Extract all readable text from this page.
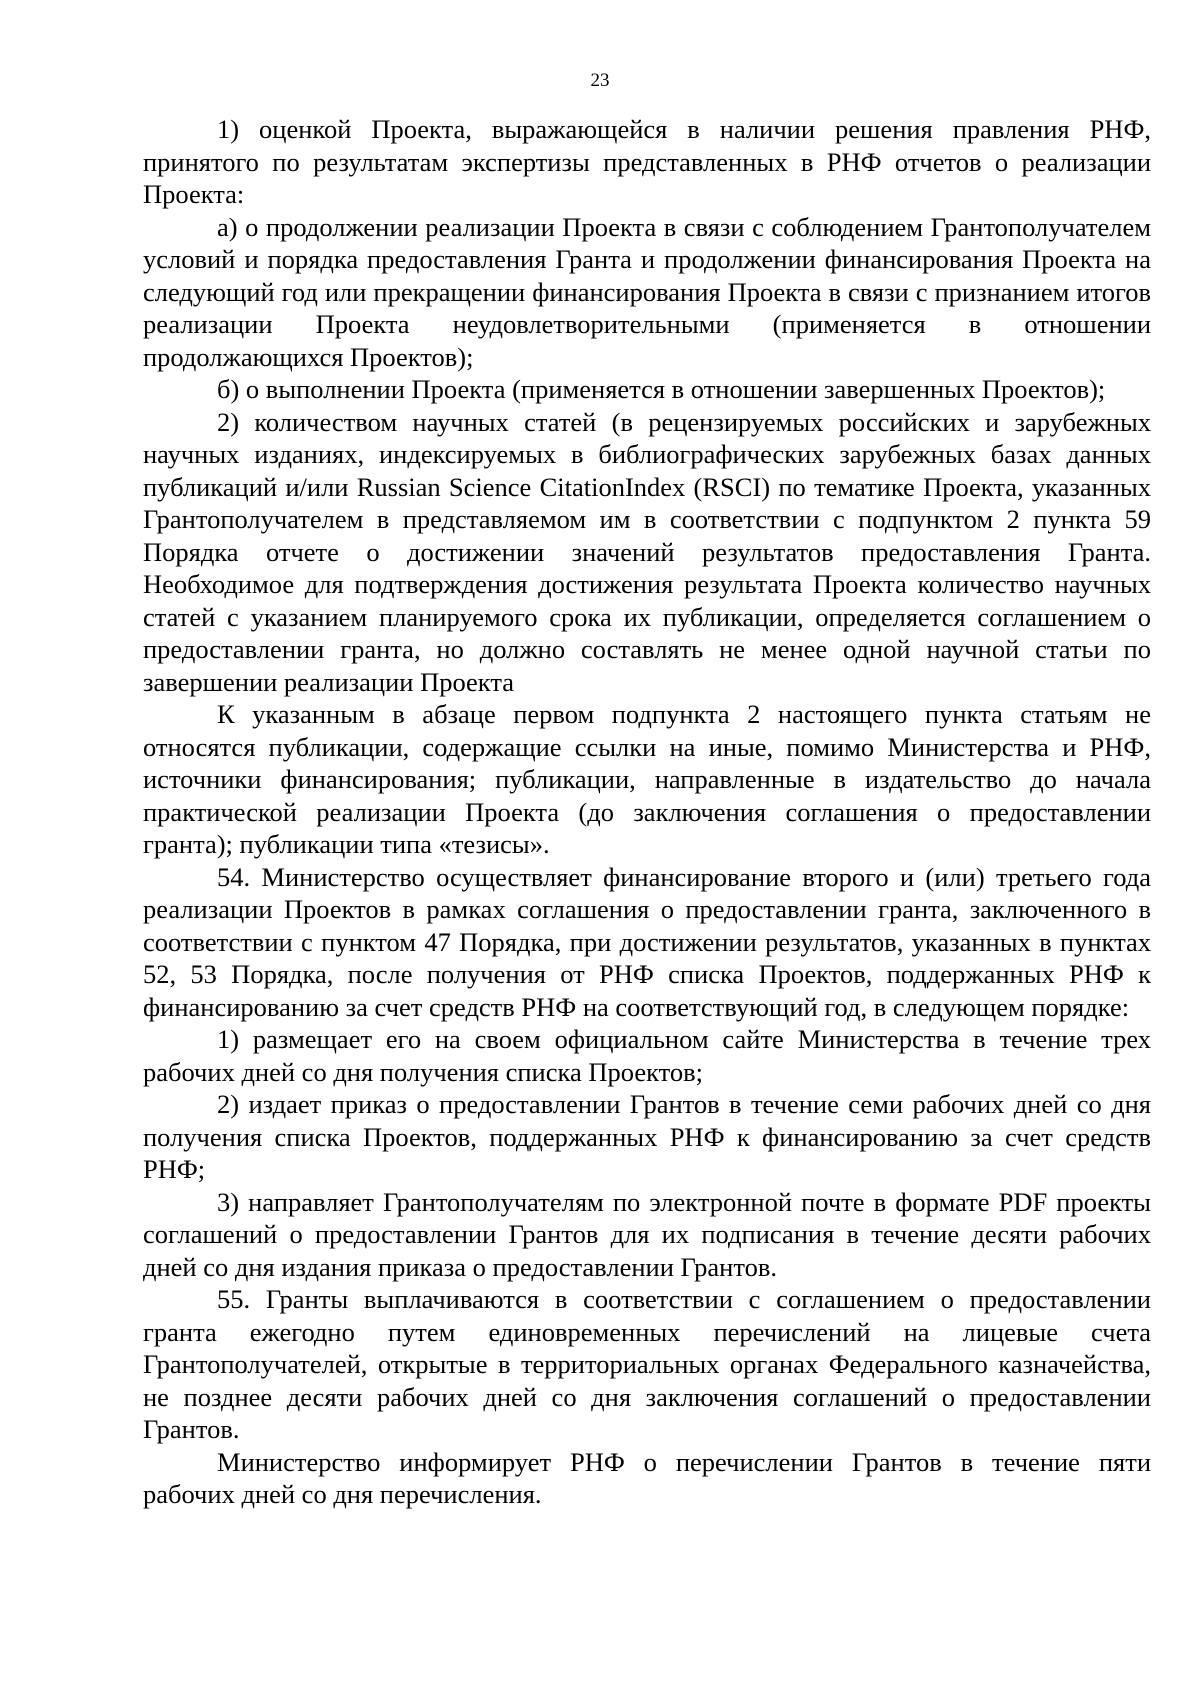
23

1) оценкой Проекта, выражающейся в наличии решения правления РНФ, принятого по результатам экспертизы представленных в РНФ отчетов о реализации Проекта:

а) о продолжении реализации Проекта в связи с соблюдением Грантополучателем условий и порядка предоставления Гранта и продолжении финансирования Проекта на следующий год или прекращении финансирования Проекта в связи с признанием итогов реализации Проекта неудовлетворительными (применяется в отношении продолжающихся Проектов);

б) о выполнении Проекта (применяется в отношении завершенных Проектов);

2) количеством научных статей (в рецензируемых российских и зарубежных научных изданиях, индексируемых в библиографических зарубежных базах данных публикаций и/или Russian Science CitationIndex (RSCI) по тематике Проекта, указанных Грантополучателем в представляемом им в соответствии с подпунктом 2 пункта 59 Порядка отчете о достижении значений результатов предоставления Гранта. Необходимое для подтверждения достижения результата Проекта количество научных статей с указанием планируемого срока их публикации, определяется соглашением о предоставлении гранта, но должно составлять не менее одной научной статьи по завершении реализации Проекта

К указанным в абзаце первом подпункта 2 настоящего пункта статьям не относятся публикации, содержащие ссылки на иные, помимо Министерства и РНФ, источники финансирования; публикации, направленные в издательство до начала практической реализации Проекта (до заключения соглашения о предоставлении гранта); публикации типа «тезисы».

54. Министерство осуществляет финансирование второго и (или) третьего года реализации Проектов в рамках соглашения о предоставлении гранта, заключенного в соответствии с пунктом 47 Порядка, при достижении результатов, указанных в пунктах 52, 53 Порядка, после получения от РНФ списка Проектов, поддержанных РНФ к финансированию за счет средств РНФ на соответствующий год, в следующем порядке:

1) размещает его на своем официальном сайте Министерства в течение трех рабочих дней со дня получения списка Проектов;

2) издает приказ о предоставлении Грантов в течение семи рабочих дней со дня получения списка Проектов, поддержанных РНФ к финансированию за счет средств РНФ;

3) направляет Грантополучателям по электронной почте в формате PDF проекты соглашений о предоставлении Грантов для их подписания в течение десяти рабочих дней со дня издания приказа о предоставлении Грантов.

55. Гранты выплачиваются в соответствии с соглашением о предоставлении гранта ежегодно путем единовременных перечислений на лицевые счета Грантополучателей, открытые в территориальных органах Федерального казначейства, не позднее десяти рабочих дней со дня заключения соглашений о предоставлении Грантов.

Министерство информирует РНФ о перечислении Грантов в течение пяти рабочих дней со дня перечисления.
